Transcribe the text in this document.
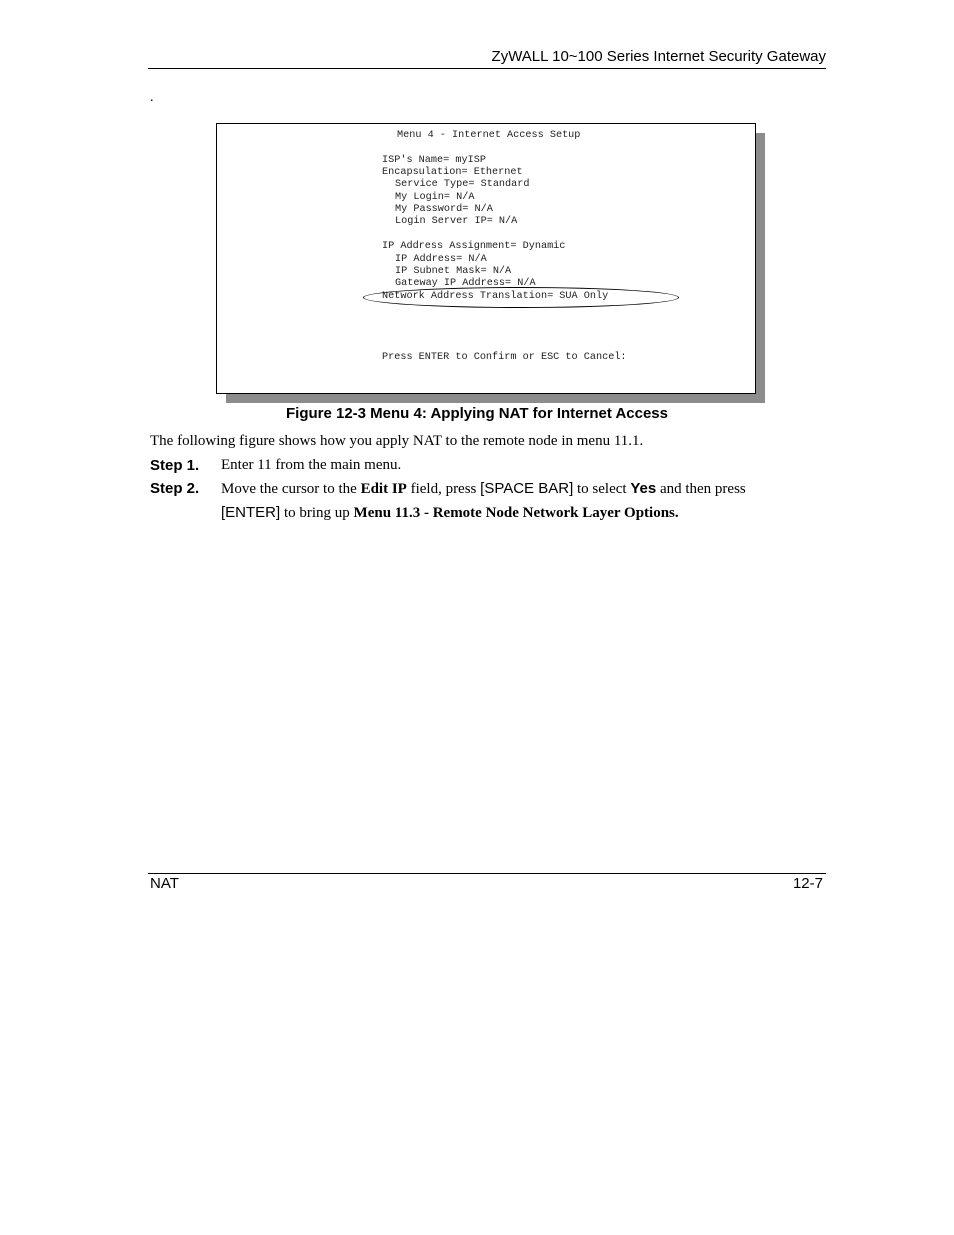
ZyWALL 10~100 Series Internet Security Gateway
.
Menu 4 - Internet Access Setup
ISP's Name= myISP
Encapsulation= Ethernet
Service Type= Standard
My Login= N/A
My Password= N/A
Login Server IP= N/A
IP Address Assignment= Dynamic
IP Address= N/A
IP Subnet Mask= N/A
Gateway IP Address= N/A
Network Address Translation= SUA Only
Press ENTER to Confirm or ESC to Cancel:
Figure 12-3 Menu 4: Applying NAT for Internet Access
The following figure shows how you apply NAT to the remote node in menu 11.1.
Step 1. Enter 11 from the main menu.
Step 2. Move the cursor to the Edit IP field, press [SPACE BAR] to select Yes and then press
[ENTER] to bring up Menu 11.3 - Remote Node Network Layer Options.
NAT	12-7
